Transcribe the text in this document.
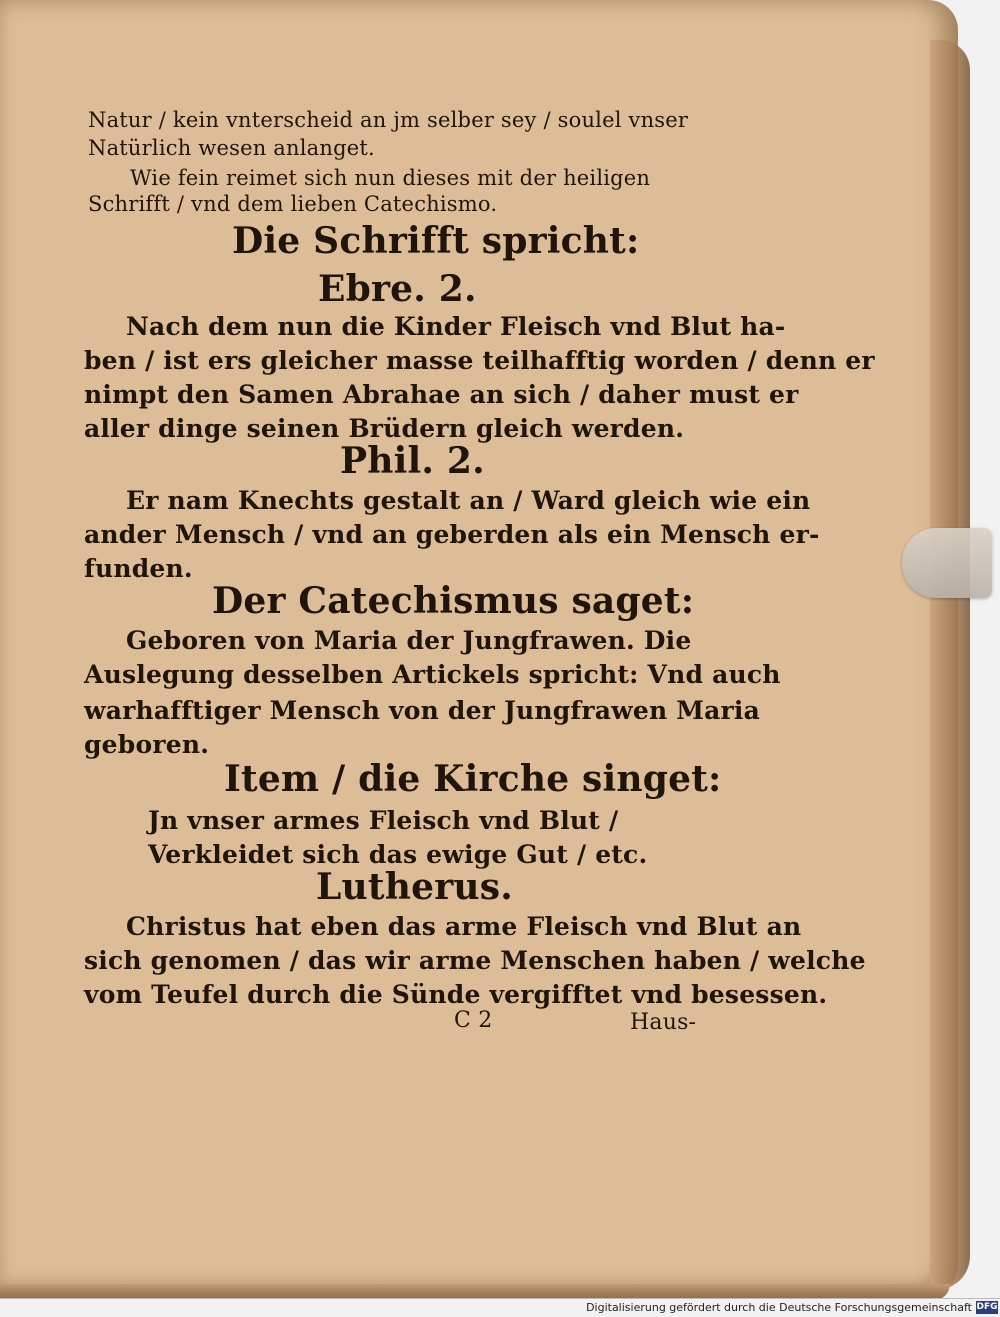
Natur / kein vnterscheid an jm selber sey / soulel vnser
Natürlich wesen anlanget.
Wie fein reimet sich nun dieses mit der heiligen
Schrifft / vnd dem lieben Catechismo.
Die Schrifft spricht:
Ebre. 2.
Nach dem nun die Kinder Fleisch vnd Blut ha-
ben / ist ers gleicher masse teilhafftig worden / denn er
nimpt den Samen Abrahae an sich / daher must er
aller dinge seinen Brüdern gleich werden.
Phil. 2.
Er nam Knechts gestalt an / Ward gleich wie ein
ander Mensch / vnd an geberden als ein Mensch er-
funden.
Der Catechismus saget:
Geboren von Maria der Jungfrawen. Die
Auslegung desselben Artickels spricht: Vnd auch
warhafftiger Mensch von der Jungfrawen Maria
geboren.
Item / die Kirche singet:
Jn vnser armes Fleisch vnd Blut /
Verkleidet sich das ewige Gut / etc.
Lutherus.
Christus hat eben das arme Fleisch vnd Blut an
sich genomen / das wir arme Menschen haben / welche
vom Teufel durch die Sünde vergifftet vnd besessen.
C 2	Haus-
Digitalisierung gefördert durch die Deutsche Forschungsgemeinschaft
DFG
